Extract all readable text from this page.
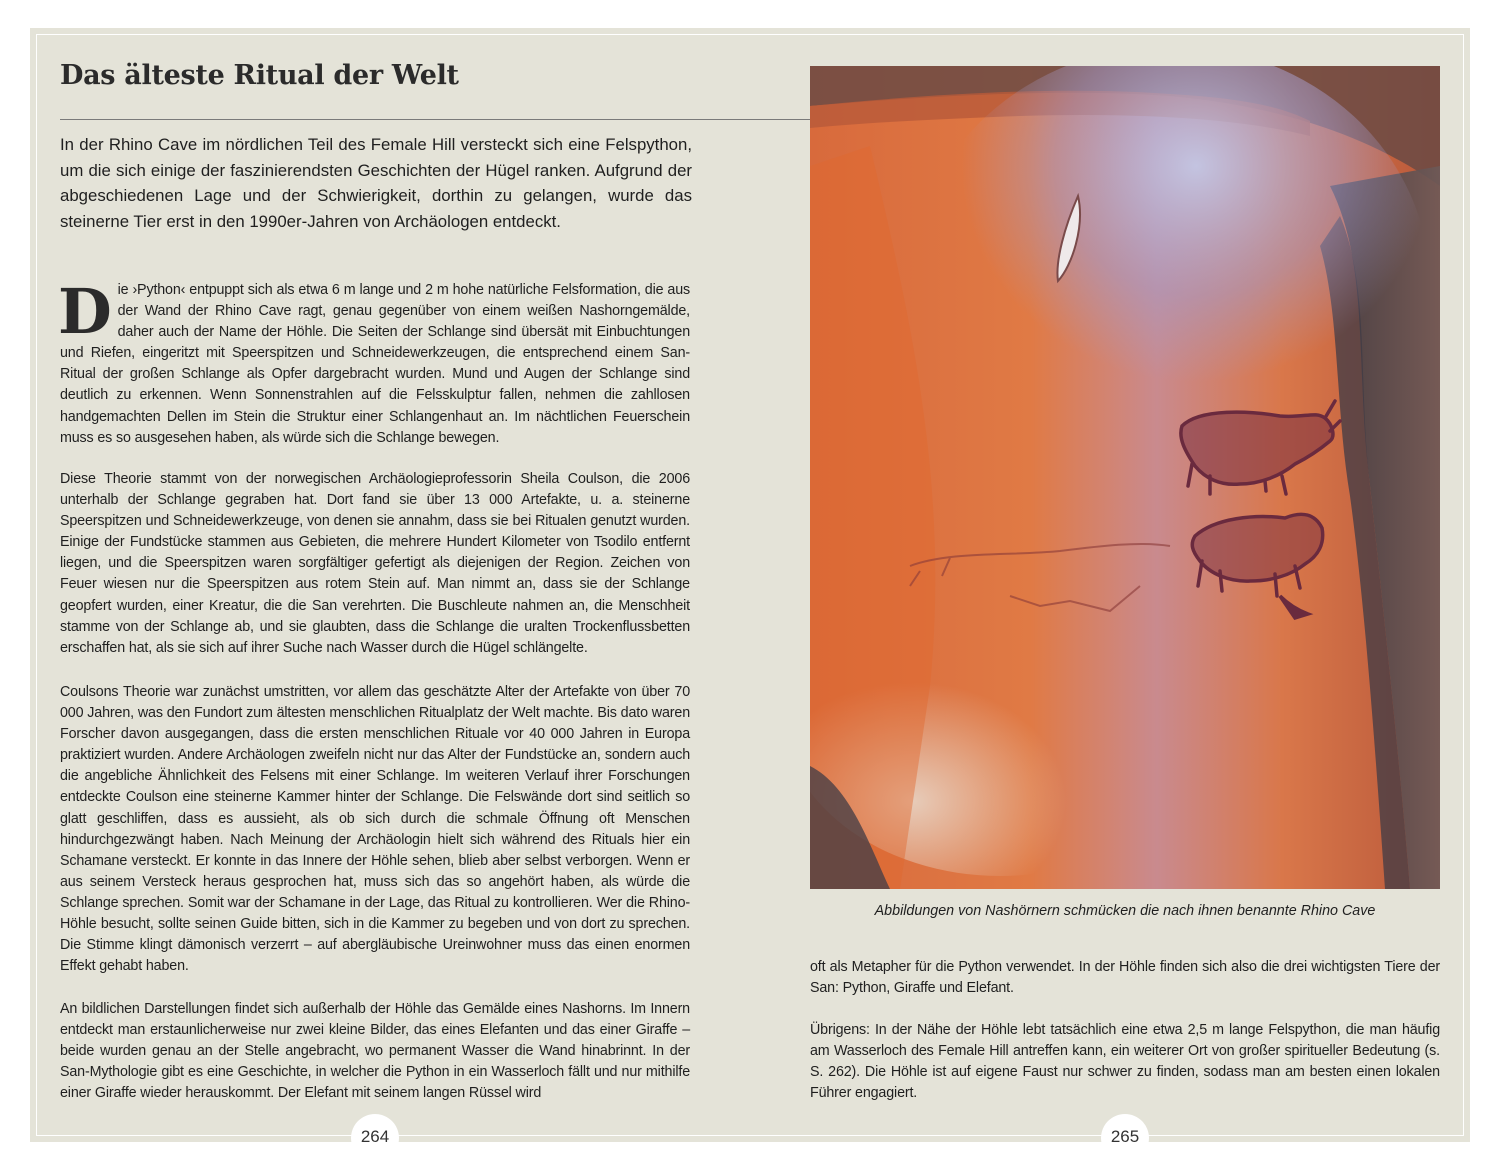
Das älteste Ritual der Welt

In der Rhino Cave im nördlichen Teil des Female Hill versteckt sich eine Felspython, um die sich einige der faszinierendsten Geschichten der Hügel ranken. Aufgrund der abgeschiedenen Lage und der Schwierigkeit, dorthin zu gelangen, wurde das steinerne Tier erst in den 1990er-Jahren von Archäologen entdeckt.

Die ›Python‹ entpuppt sich als etwa 6 m lange und 2 m hohe natürliche Felsformation, die aus der Wand der Rhino Cave ragt, genau gegenüber von einem weißen Nashorngemälde, daher auch der Name der Höhle. Die Seiten der Schlange sind übersät mit Einbuchtungen und Riefen, eingeritzt mit Speerspitzen und Schneidewerkzeugen, die entsprechend einem San-Ritual der großen Schlange als Opfer dargebracht wurden. Mund und Augen der Schlange sind deutlich zu erkennen. Wenn Sonnenstrahlen auf die Felsskulptur fallen, nehmen die zahllosen handgemachten Dellen im Stein die Struktur einer Schlangenhaut an. Im nächtlichen Feuerschein muss es so ausgesehen haben, als würde sich die Schlange bewegen.

Diese Theorie stammt von der norwegischen Archäologieprofessorin Sheila Coulson, die 2006 unterhalb der Schlange gegraben hat. Dort fand sie über 13 000 Artefakte, u. a. steinerne Speerspitzen und Schneidewerkzeuge, von denen sie annahm, dass sie bei Ritualen genutzt wurden. Einige der Fundstücke stammen aus Gebieten, die mehrere Hundert Kilometer von Tsodilo entfernt liegen, und die Speerspitzen waren sorgfältiger gefertigt als diejenigen der Region. Zeichen von Feuer wiesen nur die Speerspitzen aus rotem Stein auf. Man nimmt an, dass sie der Schlange geopfert wurden, einer Kreatur, die die San verehrten. Die Buschleute nahmen an, die Menschheit stamme von der Schlange ab, und sie glaubten, dass die Schlange die uralten Trockenflussbetten erschaffen hat, als sie sich auf ihrer Suche nach Wasser durch die Hügel schlängelte.

Coulsons Theorie war zunächst umstritten, vor allem das geschätzte Alter der Artefakte von über 70 000 Jahren, was den Fundort zum ältesten menschlichen Ritualplatz der Welt machte. Bis dato waren Forscher davon ausgegangen, dass die ersten menschlichen Rituale vor 40 000 Jahren in Europa praktiziert wurden. Andere Archäologen zweifeln nicht nur das Alter der Fundstücke an, sondern auch die angebliche Ähnlichkeit des Felsens mit einer Schlange. Im weiteren Verlauf ihrer Forschungen entdeckte Coulson eine steinerne Kammer hinter der Schlange. Die Felswände dort sind seitlich so glatt geschliffen, dass es aussieht, als ob sich durch die schmale Öffnung oft Menschen hindurchgezwängt haben. Nach Meinung der Archäologin hielt sich während des Rituals hier ein Schamane versteckt. Er konnte in das Innere der Höhle sehen, blieb aber selbst verborgen. Wenn er aus seinem Versteck heraus gesprochen hat, muss sich das so angehört haben, als würde die Schlange sprechen. Somit war der Schamane in der Lage, das Ritual zu kontrollieren. Wer die Rhino-Höhle besucht, sollte seinen Guide bitten, sich in die Kammer zu begeben und von dort zu sprechen. Die Stimme klingt dämonisch verzerrt – auf abergläubische Ureinwohner muss das einen enormen Effekt gehabt haben.

An bildlichen Darstellungen findet sich außerhalb der Höhle das Gemälde eines Nashorns. Im Innern entdeckt man erstaunlicherweise nur zwei kleine Bilder, das eines Elefanten und das einer Giraffe – beide wurden genau an der Stelle angebracht, wo permanent Wasser die Wand hinabrinnt. In der San-Mythologie gibt es eine Geschichte, in welcher die Python in ein Wasserloch fällt und nur mithilfe einer Giraffe wieder herauskommt. Der Elefant mit seinem langen Rüssel wird

Abbildungen von Nashörnern schmücken die nach ihnen benannte Rhino Cave

oft als Metapher für die Python verwendet. In der Höhle finden sich also die drei wichtigsten Tiere der San: Python, Giraffe und Elefant.

Übrigens: In der Nähe der Höhle lebt tatsächlich eine etwa 2,5 m lange Felspython, die man häufig am Wasserloch des Female Hill antreffen kann, ein weiterer Ort von großer spiritueller Bedeutung (s. S. 262). Die Höhle ist auf eigene Faust nur schwer zu finden, sodass man am besten einen lokalen Führer engagiert.

264	265
